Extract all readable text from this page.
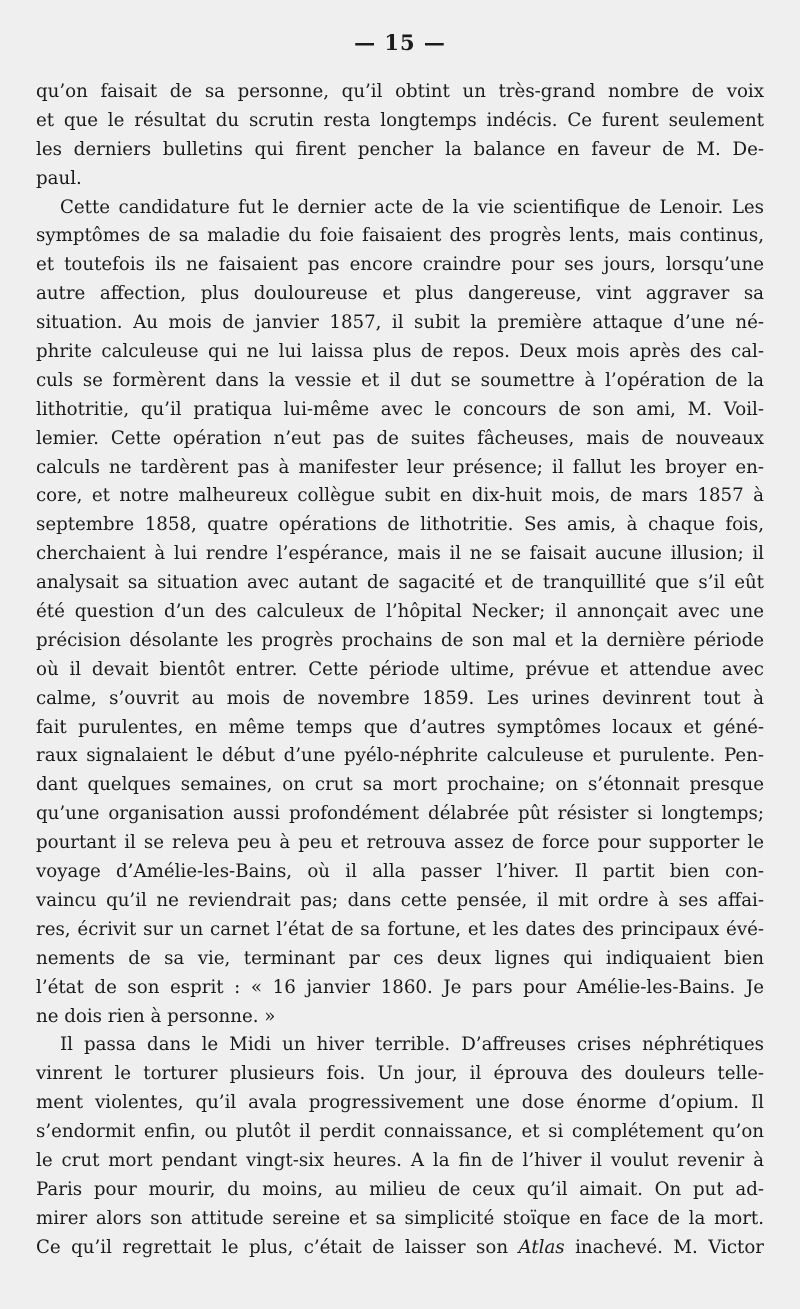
— 15 —
qu’on faisait de sa personne, qu’il obtint un très-grand nombre de voix
et que le résultat du scrutin resta longtemps indécis. Ce furent seulement
les derniers bulletins qui firent pencher la balance en faveur de M. De-
paul.
Cette candidature fut le dernier acte de la vie scientifique de Lenoir. Les
symptômes de sa maladie du foie faisaient des progrès lents, mais continus,
et toutefois ils ne faisaient pas encore craindre pour ses jours, lorsqu’une
autre affection, plus douloureuse et plus dangereuse, vint aggraver sa
situation. Au mois de janvier 1857, il subit la première attaque d’une né-
phrite calculeuse qui ne lui laissa plus de repos. Deux mois après des cal-
culs se formèrent dans la vessie et il dut se soumettre à l’opération de la
lithotritie, qu’il pratiqua lui-même avec le concours de son ami, M. Voil-
lemier. Cette opération n’eut pas de suites fâcheuses, mais de nouveaux
calculs ne tardèrent pas à manifester leur présence; il fallut les broyer en-
core, et notre malheureux collègue subit en dix-huit mois, de mars 1857 à
septembre 1858, quatre opérations de lithotritie. Ses amis, à chaque fois,
cherchaient à lui rendre l’espérance, mais il ne se faisait aucune illusion; il
analysait sa situation avec autant de sagacité et de tranquillité que s’il eût
été question d’un des calculeux de l’hôpital Necker; il annonçait avec une
précision désolante les progrès prochains de son mal et la dernière période
où il devait bientôt entrer. Cette période ultime, prévue et attendue avec
calme, s’ouvrit au mois de novembre 1859. Les urines devinrent tout à
fait purulentes, en même temps que d’autres symptômes locaux et géné-
raux signalaient le début d’une pyélo-néphrite calculeuse et purulente. Pen-
dant quelques semaines, on crut sa mort prochaine; on s’étonnait presque
qu’une organisation aussi profondément délabrée pût résister si longtemps;
pourtant il se releva peu à peu et retrouva assez de force pour supporter le
voyage d’Amélie-les-Bains, où il alla passer l’hiver. Il partit bien con-
vaincu qu’il ne reviendrait pas; dans cette pensée, il mit ordre à ses affai-
res, écrivit sur un carnet l’état de sa fortune, et les dates des principaux évé-
nements de sa vie, terminant par ces deux lignes qui indiquaient bien
l’état de son esprit : « 16 janvier 1860. Je pars pour Amélie-les-Bains. Je
ne dois rien à personne. »
Il passa dans le Midi un hiver terrible. D’affreuses crises néphrétiques
vinrent le torturer plusieurs fois. Un jour, il éprouva des douleurs telle-
ment violentes, qu’il avala progressivement une dose énorme d’opium. Il
s’endormit enfin, ou plutôt il perdit connaissance, et si complétement qu’on
le crut mort pendant vingt-six heures. A la fin de l’hiver il voulut revenir à
Paris pour mourir, du moins, au milieu de ceux qu’il aimait. On put ad-
mirer alors son attitude sereine et sa simplicité stoïque en face de la mort.
Ce qu’il regrettait le plus, c’était de laisser son Atlas inachevé. M. Victor
